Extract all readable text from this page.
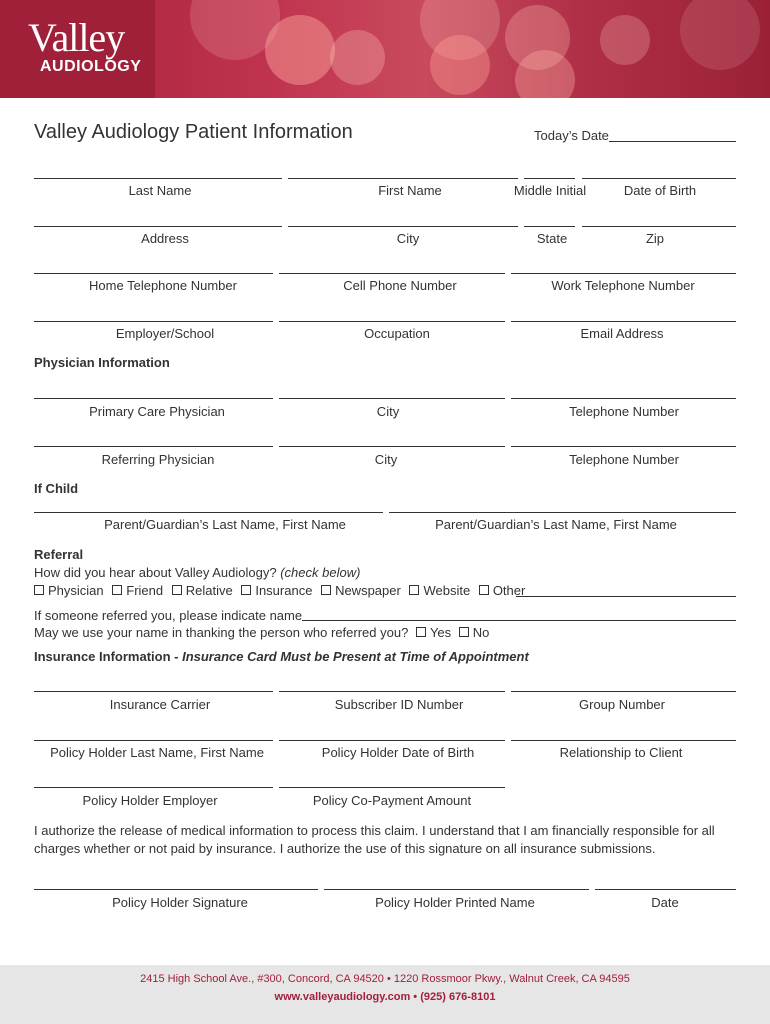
Valley
AUDIOLOGY
Valley Audiology Patient Information	Today’s Date
Last Name	First Name	Middle Initial	Date of Birth
Address	City	State	Zip
Home Telephone Number	Cell Phone Number	Work Telephone Number
Employer/School	Occupation	Email Address
Physician Information
Primary Care Physician	City	Telephone Number
Referring Physician	City	Telephone Number
If Child
Parent/Guardian’s Last Name, First Name	Parent/Guardian’s Last Name, First Name
Referral
How did you hear about Valley Audiology? (check below)
Physician Friend Relative Insurance Newspaper Website Other
If someone referred you, please indicate name
May we use your name in thanking the person who referred you? Yes No
Insurance Information - Insurance Card Must be Present at Time of Appointment
Insurance Carrier	Subscriber ID Number	Group Number
Policy Holder Last Name, First Name	Policy Holder Date of Birth	Relationship to Client
Policy Holder Employer	Policy Co-Payment Amount
I authorize the release of medical information to process this claim. I understand that I am financially responsible for all charges whether or not paid by insurance. I authorize the use of this signature on all insurance submissions.
Policy Holder Signature	Policy Holder Printed Name	Date
2415 High School Ave., #300, Concord, CA 94520 • 1220 Rossmoor Pkwy., Walnut Creek, CA 94595
www.valleyaudiology.com • (925) 676-8101
